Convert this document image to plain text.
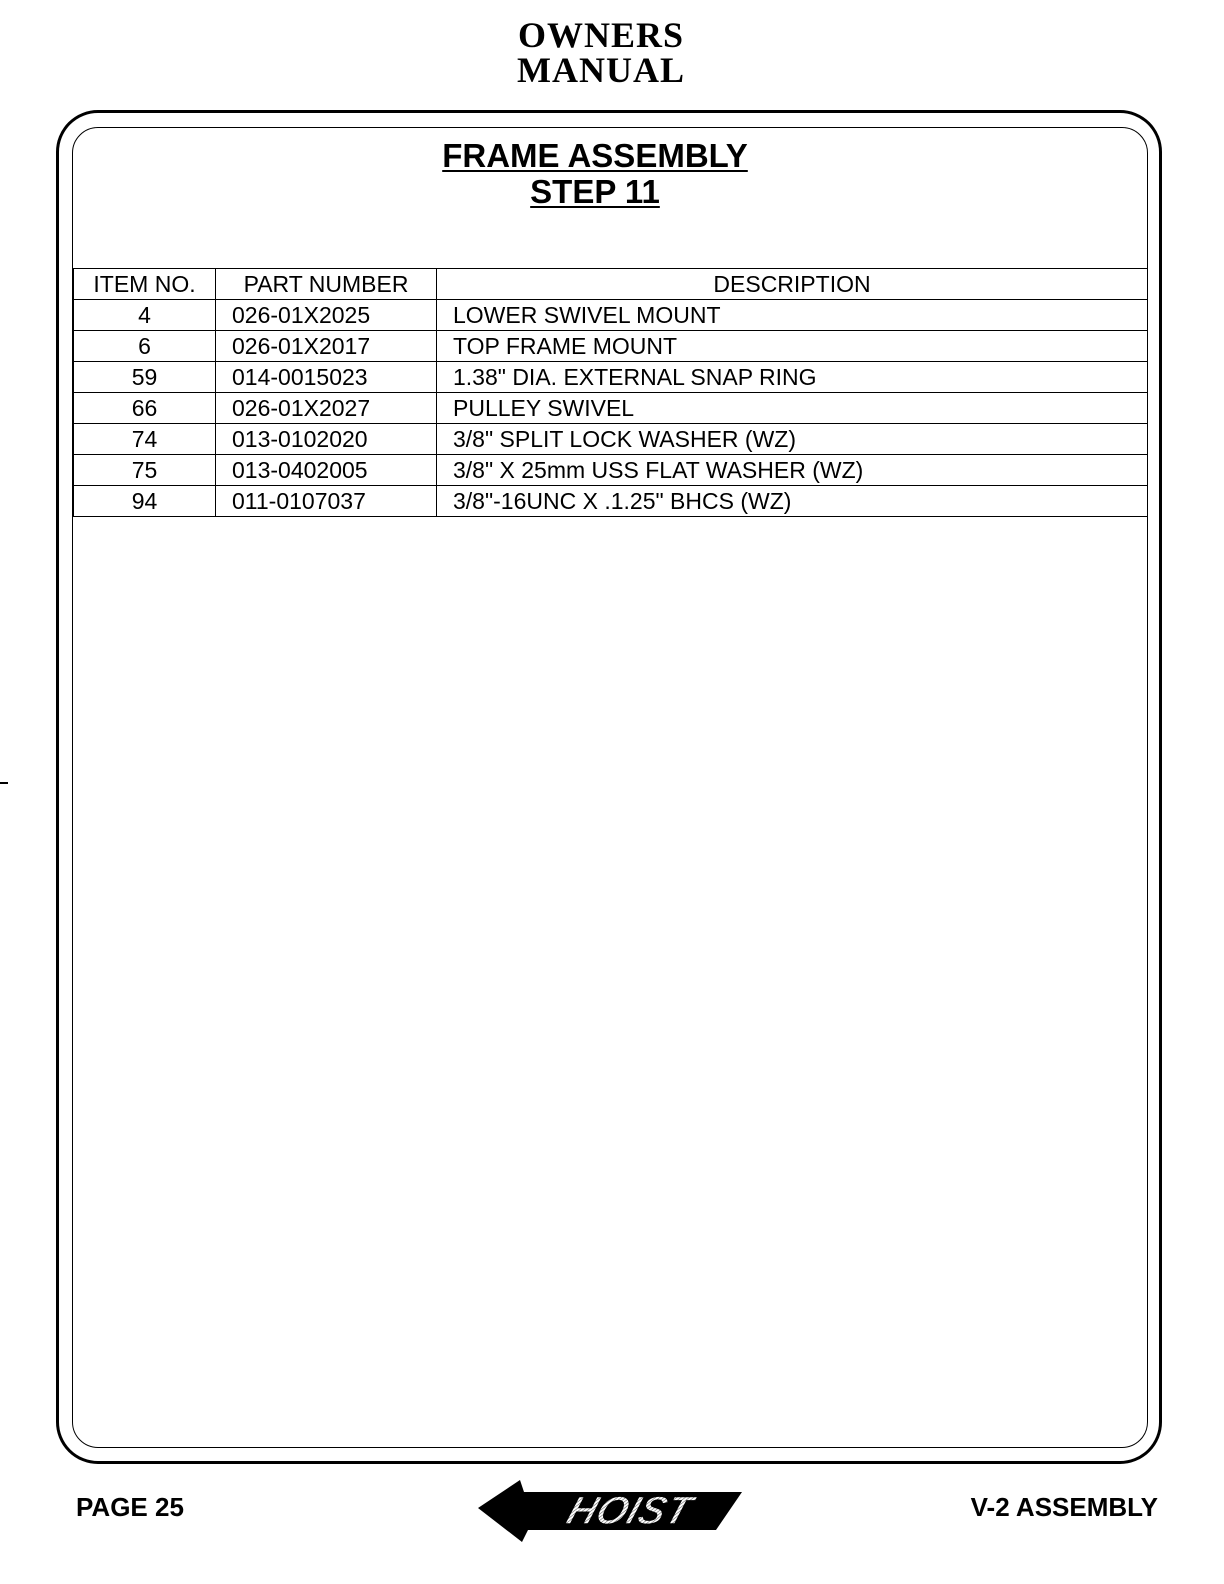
OWNERS
MANUAL
FRAME ASSEMBLY
STEP 11
ITEM NO.	PART NUMBER	DESCRIPTION
4	026-01X2025	LOWER SWIVEL MOUNT
6	026-01X2017	TOP FRAME MOUNT
59	014-0015023	1.38" DIA. EXTERNAL SNAP RING
66	026-01X2027	PULLEY SWIVEL
74	013-0102020	3/8" SPLIT LOCK WASHER (WZ)
75	013-0402005	3/8" X 25mm USS FLAT WASHER (WZ)
94	011-0107037	3/8"-16UNC X .1.25" BHCS (WZ)
PAGE 25	HOIST	V-2 ASSEMBLY
